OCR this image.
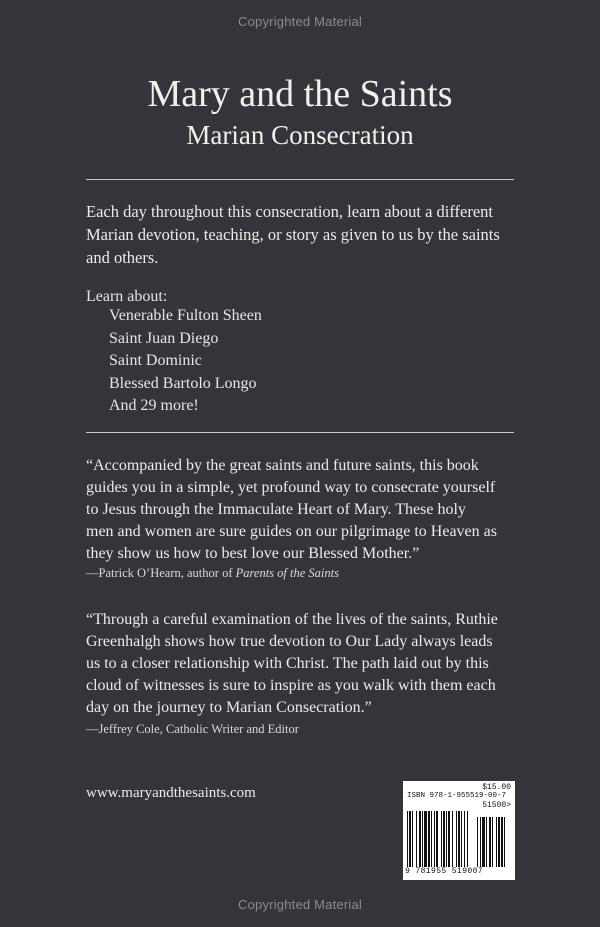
Copyrighted Material
Mary and the Saints
Marian Consecration
Each day throughout this consecration, learn about a different
Marian devotion, teaching, or story as given to us by the saints
and others.
Learn about:
Venerable Fulton Sheen
Saint Juan Diego
Saint Dominic
Blessed Bartolo Longo
And 29 more!
“Accompanied by the great saints and future saints, this book
guides you in a simple, yet profound way to consecrate yourself
to Jesus through the Immaculate Heart of Mary. These holy
men and women are sure guides on our pilgrimage to Heaven as
they show us how to best love our Blessed Mother.”
—Patrick O’Hearn, author of Parents of the Saints
“Through a careful examination of the lives of the saints, Ruthie
Greenhalgh shows how true devotion to Our Lady always leads
us to a closer relationship with Christ. The path laid out by this
cloud of witnesses is sure to inspire as you walk with them each
day on the journey to Marian Consecration.”
—Jeffrey Cole, Catholic Writer and Editor
www.maryandthesaints.com	$15.00
ISBN 978-1-955519-00-7
51500>
9 781955 519007
Copyrighted Material
